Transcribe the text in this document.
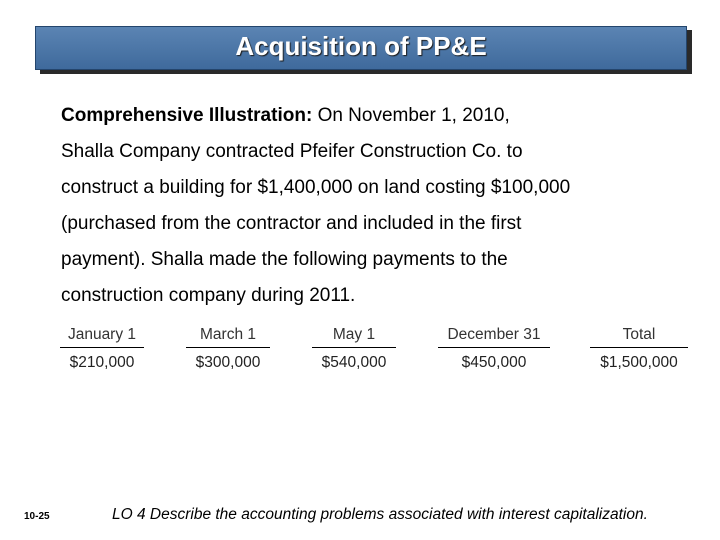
Acquisition of PP&E
Comprehensive Illustration: On November 1, 2010,
Shalla Company contracted Pfeifer Construction Co. to
construct a building for $1,400,000 on land costing $100,000
(purchased from the contractor and included in the first
payment). Shalla made the following payments to the
construction company during 2011.
January 1
$210,000
March 1
$300,000
May 1
$540,000
December 31
$450,000
Total
$1,500,000
10-25	LO 4 Describe the accounting problems associated with interest capitalization.
